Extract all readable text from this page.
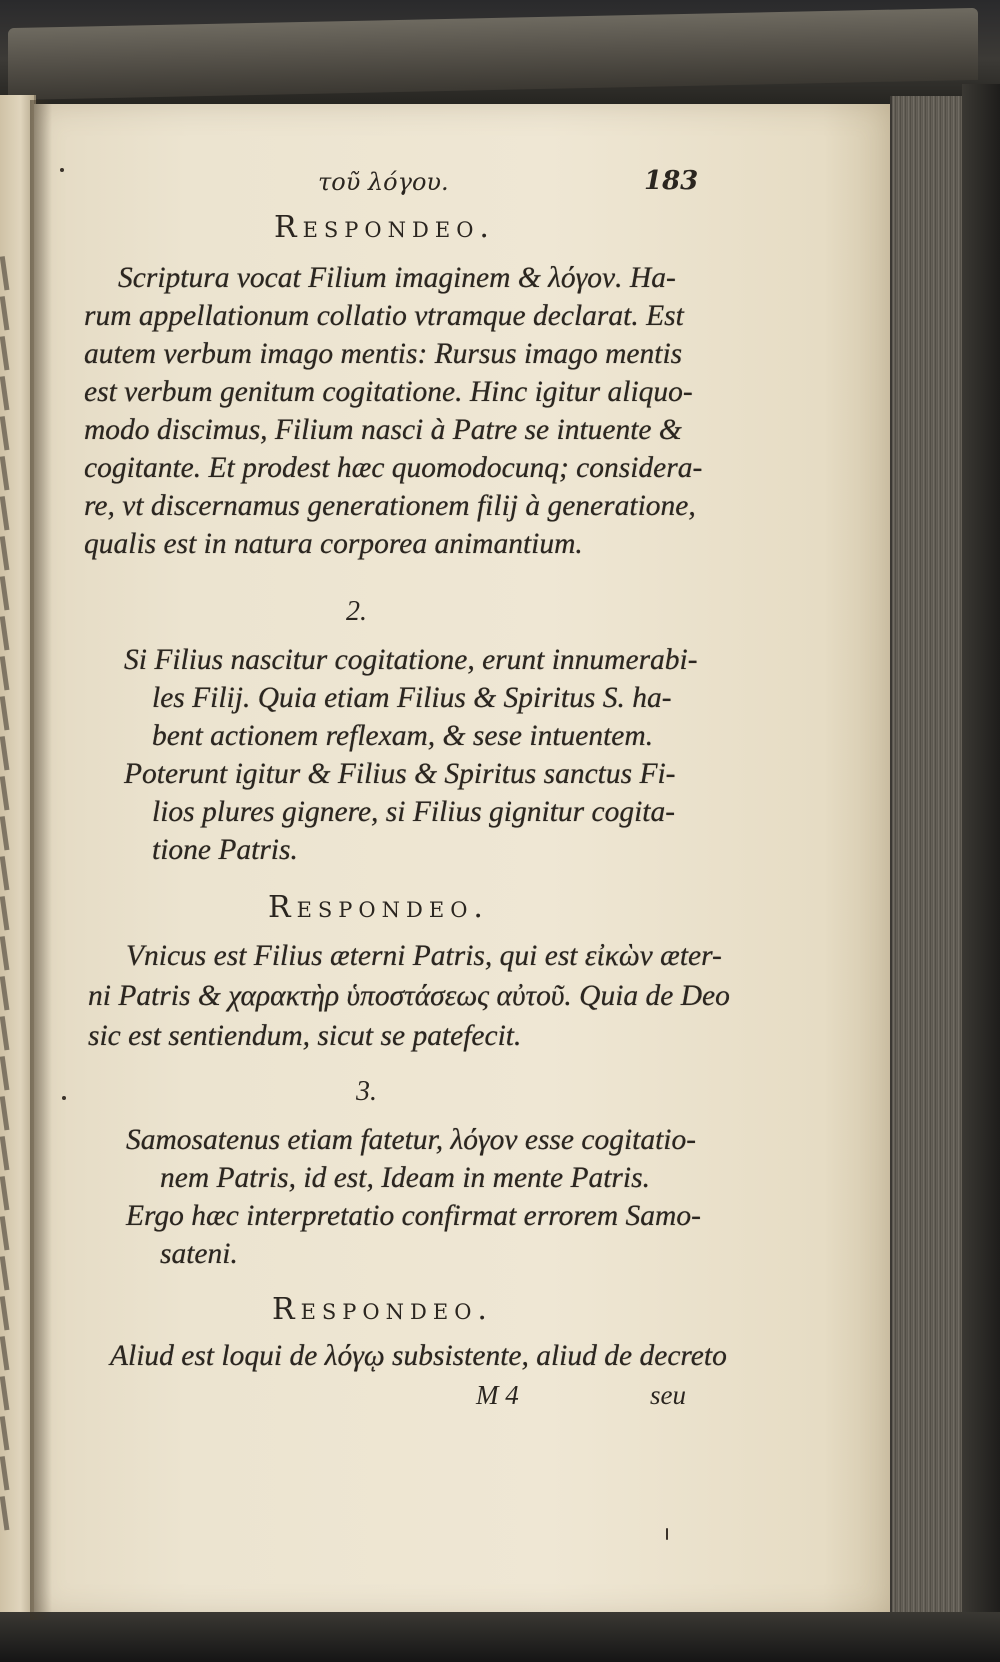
τοῦ λόγου.	183
Respondeo.
Scriptura vocat Filium imaginem & λόγον. Ha-
rum appellationum collatio vtramque declarat. Est
autem verbum imago mentis: Rursus imago mentis
est verbum genitum cogitatione. Hinc igitur aliquo-
modo discimus, Filium nasci à Patre se intuente &
cogitante. Et prodest hæc quomodocunq; considera-
re, vt discernamus generationem filij à generatione,
qualis est in natura corporea animantium.
2.
Si Filius nascitur cogitatione, erunt innumerabi-
les Filij. Quia etiam Filius & Spiritus S. ha-
bent actionem reflexam, & sese intuentem.
Poterunt igitur & Filius & Spiritus sanctus Fi-
lios plures gignere, si Filius gignitur cogita-
tione Patris.
Respondeo.
Vnicus est Filius æterni Patris, qui est εἰκὼν æter-
ni Patris & χαρακτὴρ ὑποστάσεως αὐτοῦ. Quia de Deo
sic est sentiendum, sicut se patefecit.
3.
Samosatenus etiam fatetur, λόγον esse cogitatio-
nem Patris, id est, Ideam in mente Patris.
Ergo hæc interpretatio confirmat errorem Samo-
sateni.
Respondeo.
Aliud est loqui de λόγῳ subsistente, aliud de decreto
M 4	seu
